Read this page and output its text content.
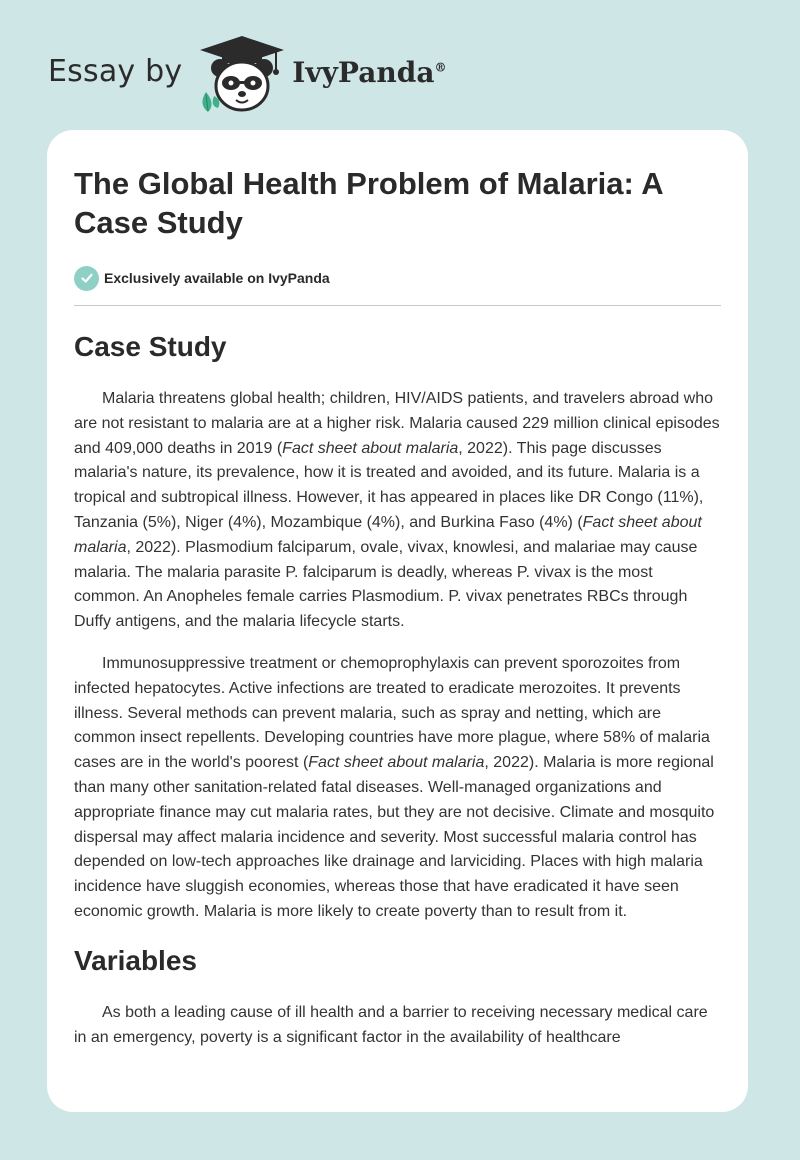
Essay by	IvyPanda®
The Global Health Problem of Malaria: A Case Study
Exclusively available on IvyPanda
Case Study

Malaria threatens global health; children, HIV/AIDS patients, and travelers abroad who are not resistant to malaria are at a higher risk. Malaria caused 229 million clinical episodes and 409,000 deaths in 2019 (Fact sheet about malaria, 2022). This page discusses malaria's nature, its prevalence, how it is treated and avoided, and its future. Malaria is a tropical and subtropical illness. However, it has appeared in places like DR Congo (11%), Tanzania (5%), Niger (4%), Mozambique (4%), and Burkina Faso (4%) (Fact sheet about malaria, 2022). Plasmodium falciparum, ovale, vivax, knowlesi, and malariae may cause malaria. The malaria parasite P. falciparum is deadly, whereas P. vivax is the most common. An Anopheles female carries Plasmodium. P. vivax penetrates RBCs through Duffy antigens, and the malaria lifecycle starts.

Immunosuppressive treatment or chemoprophylaxis can prevent sporozoites from infected hepatocytes. Active infections are treated to eradicate merozoites. It prevents illness. Several methods can prevent malaria, such as spray and netting, which are common insect repellents. Developing countries have more plague, where 58% of malaria cases are in the world's poorest (Fact sheet about malaria, 2022). Malaria is more regional than many other sanitation-related fatal diseases. Well-managed organizations and appropriate finance may cut malaria rates, but they are not decisive. Climate and mosquito dispersal may affect malaria incidence and severity. Most successful malaria control has depended on low-tech approaches like drainage and larviciding. Places with high malaria incidence have sluggish economies, whereas those that have eradicated it have seen economic growth. Malaria is more likely to create poverty than to result from it.

Variables

As both a leading cause of ill health and a barrier to receiving necessary medical care in an emergency, poverty is a significant factor in the availability of healthcare
